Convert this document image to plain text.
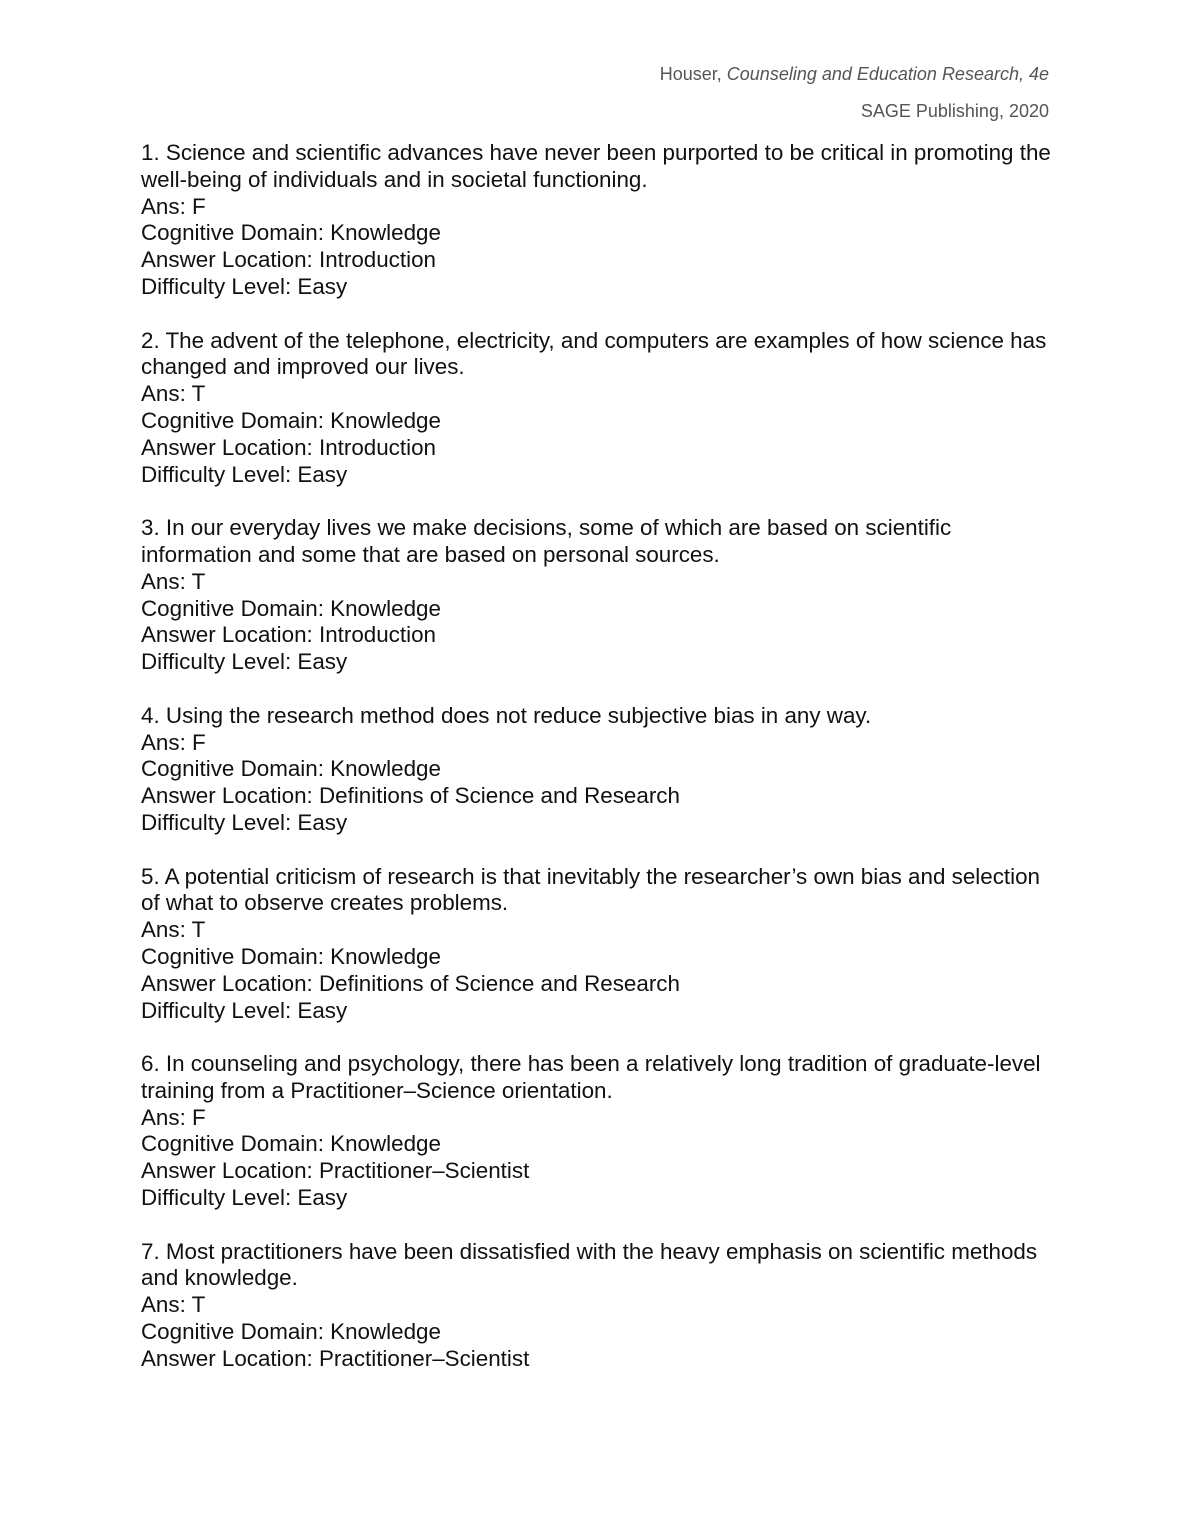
Houser, Counseling and Education Research, 4e
SAGE Publishing, 2020
1. Science and scientific advances have never been purported to be critical in promoting the well-being of individuals and in societal functioning.
Ans: F
Cognitive Domain: Knowledge
Answer Location: Introduction
Difficulty Level: Easy
2. The advent of the telephone, electricity, and computers are examples of how science has changed and improved our lives.
Ans: T
Cognitive Domain: Knowledge
Answer Location: Introduction
Difficulty Level: Easy
3. In our everyday lives we make decisions, some of which are based on scientific information and some that are based on personal sources.
Ans: T
Cognitive Domain: Knowledge
Answer Location: Introduction
Difficulty Level: Easy
4. Using the research method does not reduce subjective bias in any way.
Ans: F
Cognitive Domain: Knowledge
Answer Location: Definitions of Science and Research
Difficulty Level: Easy
5. A potential criticism of research is that inevitably the researcher’s own bias and selection of what to observe creates problems.
Ans: T
Cognitive Domain: Knowledge
Answer Location: Definitions of Science and Research
Difficulty Level: Easy
6. In counseling and psychology, there has been a relatively long tradition of graduate-level training from a Practitioner–Science orientation.
Ans: F
Cognitive Domain: Knowledge
Answer Location: Practitioner–Scientist
Difficulty Level: Easy
7. Most practitioners have been dissatisfied with the heavy emphasis on scientific methods and knowledge.
Ans: T
Cognitive Domain: Knowledge
Answer Location: Practitioner–Scientist
